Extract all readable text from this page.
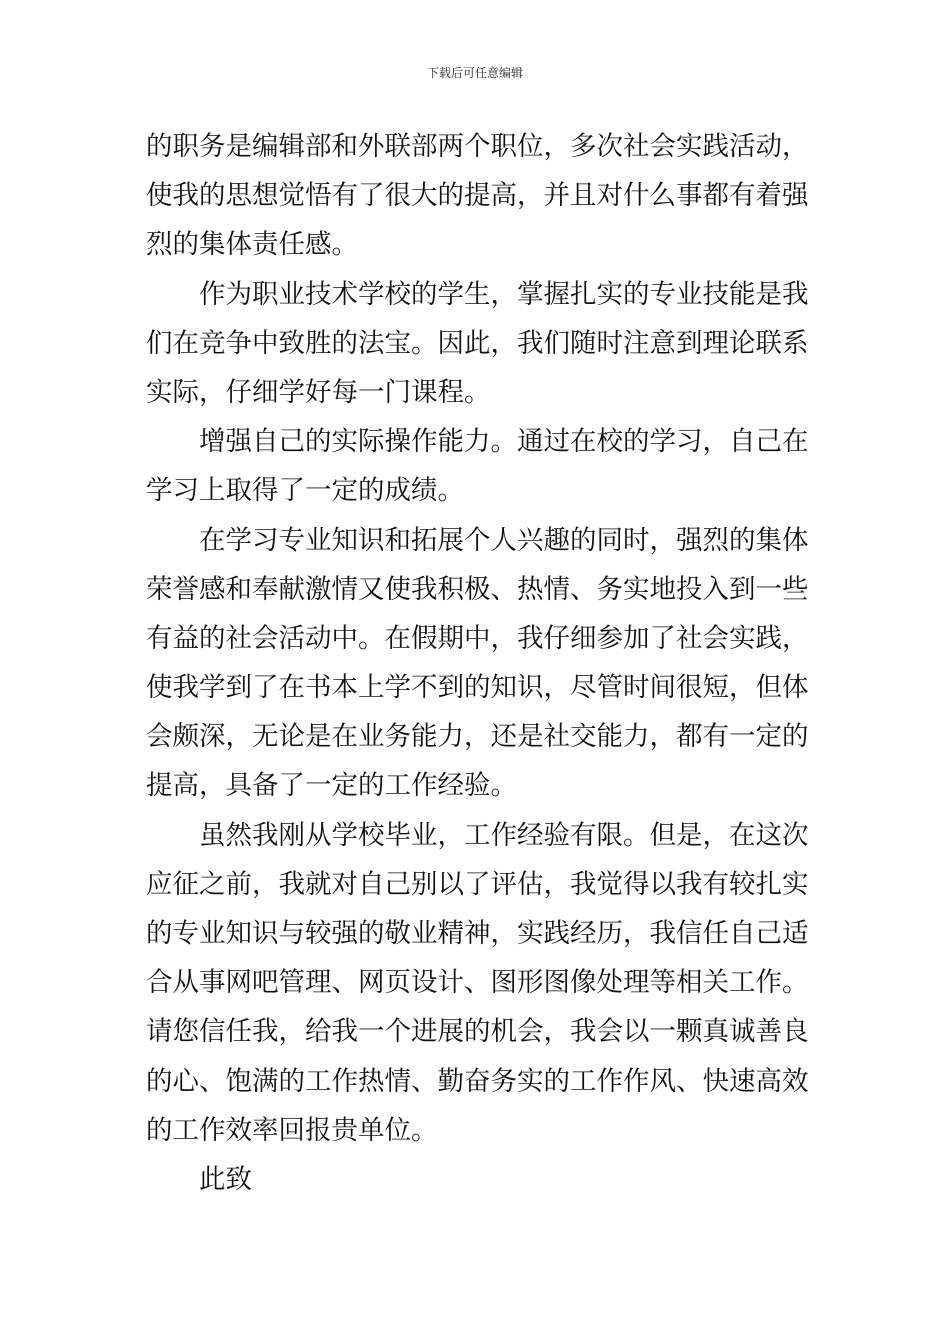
下载后可任意编辑
的职务是编辑部和外联部两个职位，多次社会实践活动，
使我的思想觉悟有了很大的提高，并且对什么事都有着强
烈的集体责任感。
作为职业技术学校的学生，掌握扎实的专业技能是我
们在竞争中致胜的法宝。因此，我们随时注意到理论联系
实际，仔细学好每一门课程。
增强自己的实际操作能力。通过在校的学习，自己在
学习上取得了一定的成绩。
在学习专业知识和拓展个人兴趣的同时，强烈的集体
荣誉感和奉献激情又使我积极、热情、务实地投入到一些
有益的社会活动中。在假期中，我仔细参加了社会实践，
使我学到了在书本上学不到的知识，尽管时间很短，但体
会颇深，无论是在业务能力，还是社交能力，都有一定的
提高，具备了一定的工作经验。
虽然我刚从学校毕业，工作经验有限。但是，在这次
应征之前，我就对自己别以了评估，我觉得以我有较扎实
的专业知识与较强的敬业精神，实践经历，我信任自己适
合从事网吧管理、网页设计、图形图像处理等相关工作。
请您信任我，给我一个进展的机会，我会以一颗真诚善良
的心、饱满的工作热情、勤奋务实的工作作风、快速高效
的工作效率回报贵单位。
此致
